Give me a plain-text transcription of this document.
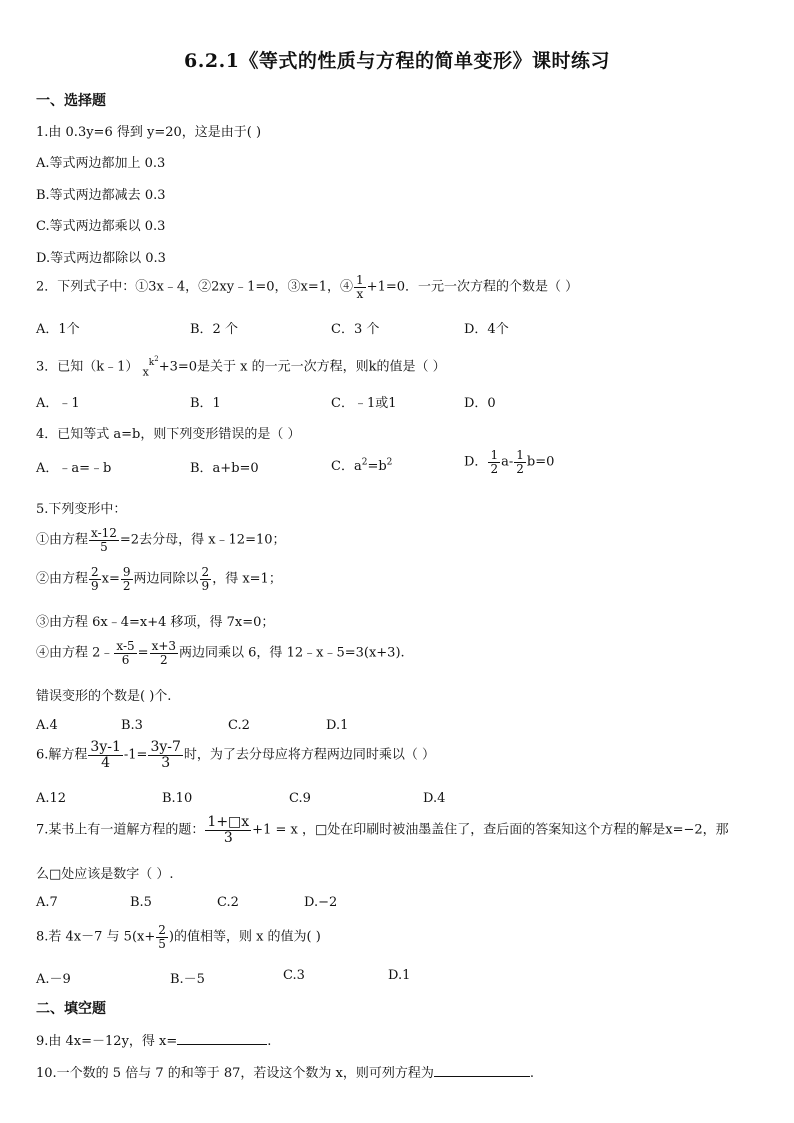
6.2.1《等式的性质与方程的简单变形》课时练习
一、选择题
1.由 0.3y=6 得到 y=20，这是由于( )
A.等式两边都加上 0.3
B.等式两边都减去 0.3
C.等式两边都乘以 0.3
D.等式两边都除以 0.3
2．下列式子中：①3x﹣4，②2xy﹣1=0，③x=1，④ $\frac{1}{x} +1=0$．一元一次方程的个数是（ ）
A．1个	B．2 个	C．3 个	D．4个
3．已知（k﹣1） $_x^{k^2}$+3=0是关于 x 的一元一次方程，则k的值是（ ）
A．﹣1	B．1	C．﹣1或1	D．0
4．已知等式 a=b，则下列变形错误的是（ ）
A．﹣a=﹣b	B．a+b=0	C．$a^2=b^2$	D． $\frac{1}{2} a- \frac{1}{2} b=0$
5.下列变形中：
①由方程 $\frac{x-12}{5} =2$去分母，得 x﹣12=10；
②由方程 $\frac{2}{9} x= \frac{9}{2}$ 两边同除以 $\frac{2}{9}$ ，得 x=1；
③由方程 6x﹣4=x+4 移项，得 7x=0；
④由方程 2﹣ $\frac{x-5}{6} = \frac{x+3}{2}$ 两边同乘以 6，得 12﹣x﹣5=3(x+3).
错误变形的个数是( )个.
A.4	B.3	C.2	D.1
6.解方程 $\frac{3y-1}{4} -1= \frac{3y-7}{3}$ 时，为了去分母应将方程两边同时乘以（ ）
A.12	B.10	C.9	D.4
7.某书上有一道解方程的题： $\frac{1+□x}{3} +1 = x$ ，□处在印刷时被油墨盖住了，查后面的答案知这个方程的解是x=−2，那
么□处应该是数字（ ）.
A.7	B.5	C.2	D.−2
8.若 4x－7 与 $5(x+ \frac{2}{5}$ )的值相等，则 x 的值为( )
A.－9	B.－5	C.3	D.1
二、填空题
9.由 4x=－12y，得 x=	.
10.一个数的 5 倍与 7 的和等于 87，若设这个数为 x，则可列方程为	.
